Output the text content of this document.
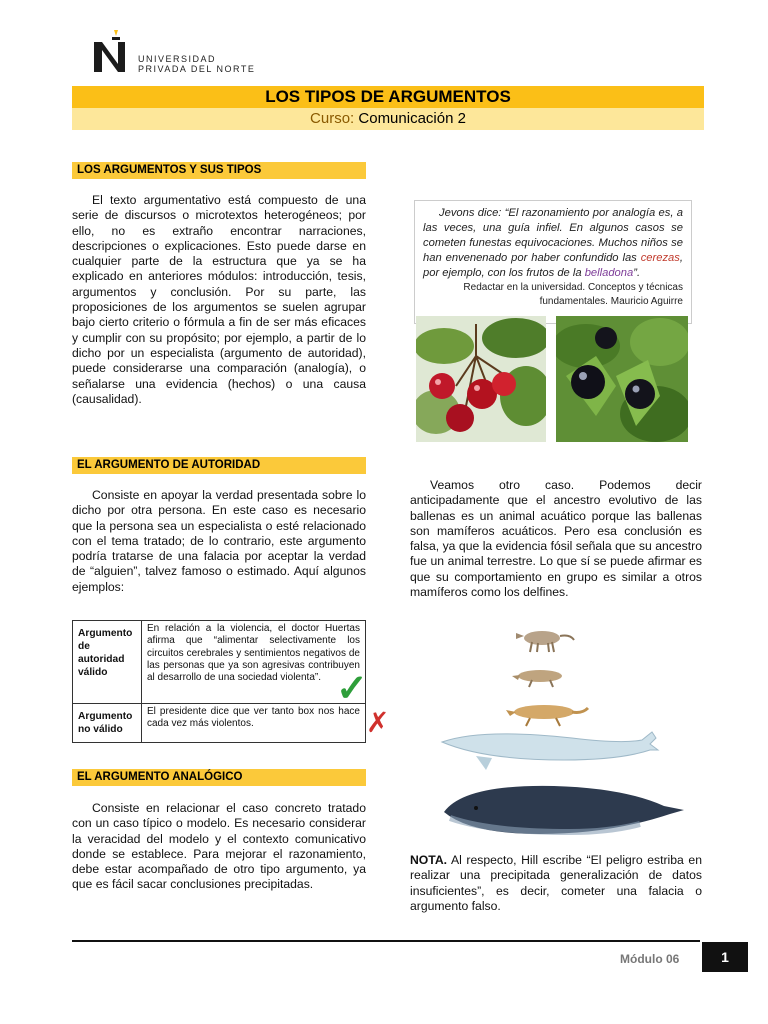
UNIVERSIDAD
PRIVADA DEL NORTE
LOS TIPOS DE ARGUMENTOS
Curso: Comunicación 2
LOS ARGUMENTOS Y SUS TIPOS

El texto argumentativo está compuesto de una serie de discursos o microtextos heterogéneos; por ello, no es extraño encontrar narraciones, descripciones o explicaciones. Esto puede darse en cualquier parte de la estructura que ya se ha explicado en anteriores módulos: introducción, tesis, argumentos y conclusión. Por su parte, las proposiciones de los argumentos se suelen agrupar bajo cierto criterio o fórmula a fin de ser más eficaces y cumplir con su propósito; por ejemplo, a partir de lo dicho por un especialista (argumento de autoridad), puede considerarse una comparación (analogía), o señalarse una evidencia (hechos) o una causa (causalidad).

EL ARGUMENTO DE AUTORIDAD

Consiste en apoyar la verdad presentada sobre lo dicho por otra persona. En este caso es necesario que la persona sea un especialista o esté relacionado con el tema tratado; de lo contrario, este argumento podría tratarse de una falacia por aceptar la verdad de “alguien”, talvez famoso o estimado. Aquí algunos ejemplos:

Argumento de autoridad válido	En relación a la violencia, el doctor Huertas afirma que “alimentar selectivamente los circuitos cerebrales y sentimientos negativos de las personas que ya son agresivas contribuyen al desarrollo de una sociedad violenta”.
Argumento no válido	El presidente dice que ver tanto box nos hace cada vez más violentos.
✓
✗
EL ARGUMENTO ANALÓGICO

Consiste en relacionar el caso concreto tratado con un caso típico o modelo. Es necesario considerar la veracidad del modelo y el contexto comunicativo donde se establece. Para mejorar el razonamiento, debe estar acompañado de otro tipo argumento, ya que es fácil sacar conclusiones precipitadas.

Jevons dice: “El razonamiento por analogía es, a las veces, una guía infiel. En algunos casos se cometen funestas equivocaciones. Muchos niños se han envenenado por haber confundido las cerezas, por ejemplo, con los frutos de la belladona”.
Redactar en la universidad. Conceptos y técnicas fundamentales. Mauricio Aguirre

Veamos otro caso. Podemos decir anticipadamente que el ancestro evolutivo de las ballenas es un animal acuático porque las ballenas son mamíferos acuáticos. Pero esa conclusión es falsa, ya que la evidencia fósil señala que su ancestro fue un animal terrestre. Lo que sí se puede afirmar es que su comportamiento en grupo es similar a otros mamíferos como los delfines.

NOTA. Al respecto, Hill escribe “El peligro estriba en realizar una precipitada generalización de datos insuficientes”, es decir, cometer una falacia o argumento falso.
Módulo 06	1
